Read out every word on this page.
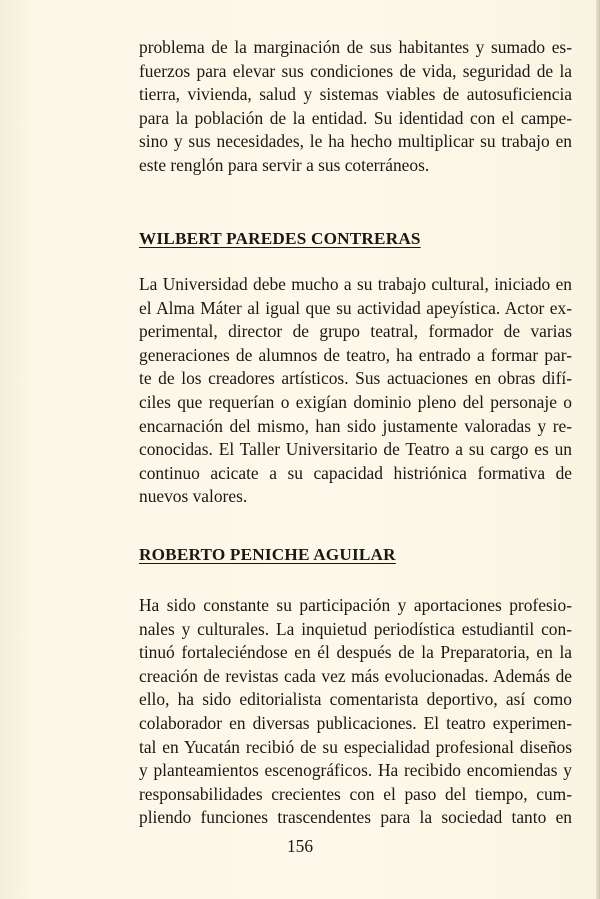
problema de la marginación de sus habitantes y sumado es-
fuerzos para elevar sus condiciones de vida, seguridad de la
tierra, vivienda, salud y sistemas viables de autosuficiencia
para la población de la entidad. Su identidad con el campe-
sino y sus necesidades, le ha hecho multiplicar su trabajo en
este renglón para servir a sus coterráneos.

WILBERT PAREDES CONTRERAS

La Universidad debe mucho a su trabajo cultural, iniciado en
el Alma Máter al igual que su actividad apeyística. Actor ex-
perimental, director de grupo teatral, formador de varias
generaciones de alumnos de teatro, ha entrado a formar par-
te de los creadores artísticos. Sus actuaciones en obras difí-
ciles que requerían o exigían dominio pleno del personaje o
encarnación del mismo, han sido justamente valoradas y re-
conocidas. El Taller Universitario de Teatro a su cargo es un
continuo acicate a su capacidad histriónica formativa de
nuevos valores.

ROBERTO PENICHE AGUILAR

Ha sido constante su participación y aportaciones profesio-
nales y culturales. La inquietud periodística estudiantil con-
tinuó fortaleciéndose en él después de la Preparatoria, en la
creación de revistas cada vez más evolucionadas. Además de
ello, ha sido editorialista comentarista deportivo, así como
colaborador en diversas publicaciones. El teatro experimen-
tal en Yucatán recibió de su especialidad profesional diseños
y planteamientos escenográficos. Ha recibido encomiendas y
responsabilidades crecientes con el paso del tiempo, cum-
pliendo funciones trascendentes para la sociedad tanto en

156
